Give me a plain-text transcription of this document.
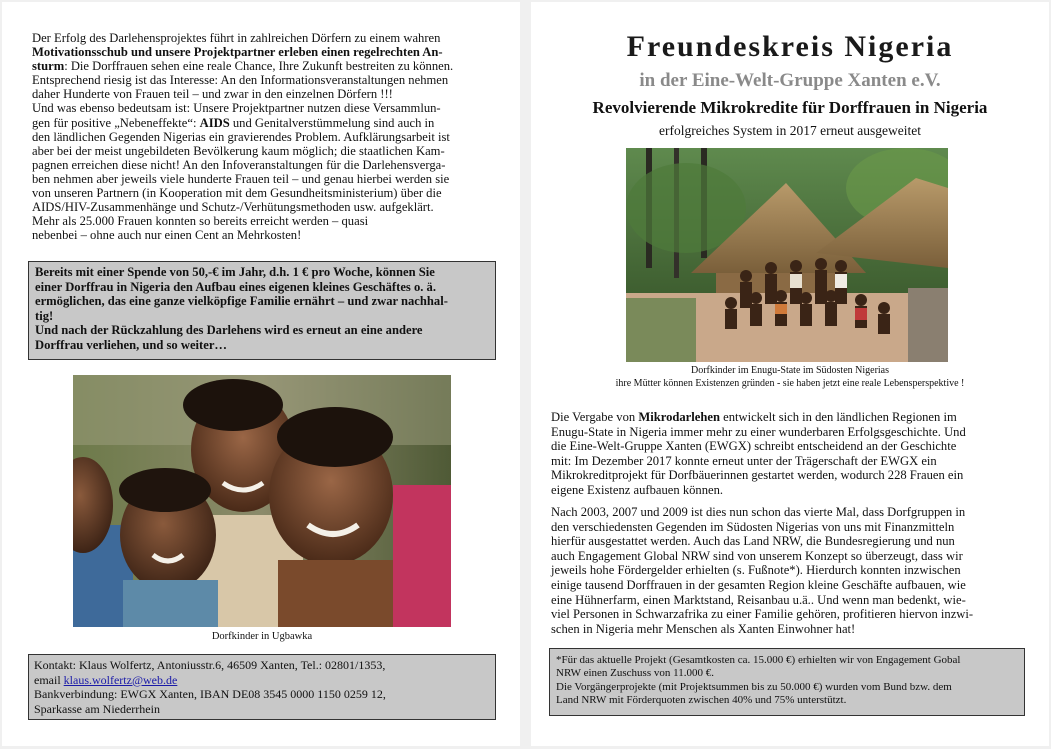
Der Erfolg des Darlehensprojektes führt in zahlreichen Dörfern zu einem wahren
Motivationsschub und unsere Projektpartner erleben einen regelrechten An-
sturm: Die Dorffrauen sehen eine reale Chance, Ihre Zukunft bestreiten zu können.
Entsprechend riesig ist das Interesse: An den Informationsveranstaltungen nehmen
daher Hunderte von Frauen teil – und zwar in den einzelnen Dörfern !!!
Und was ebenso bedeutsam ist: Unsere Projektpartner nutzen diese Versammlun-
gen für positive „Nebeneffekte“: AIDS und Genitalverstümmelung sind auch in
den ländlichen Gegenden Nigerias ein gravierendes Problem. Aufklärungsarbeit ist
aber bei der meist ungebildeten Bevölkerung kaum möglich; die staatlichen Kam-
pagnen erreichen diese nicht! An den Infoveranstaltungen für die Darlehensverga-
ben nehmen aber jeweils viele hunderte Frauen teil – und genau hierbei werden sie
von unseren Partnern (in Kooperation mit dem Gesundheitsministerium) über die
AIDS/HIV-Zusammenhänge und Schutz-/Verhütungsmethoden usw. aufgeklärt.
Mehr als 25.000 Frauen konnten so bereits erreicht werden – quasi
nebenbei – ohne auch nur einen Cent an Mehrkosten!
Bereits mit einer Spende von 50,-€ im Jahr, d.h. 1 € pro Woche, können Sie
einer Dorffrau in Nigeria den Aufbau eines eigenen kleines Geschäftes o. ä.
ermöglichen, das eine ganze vielköpfige Familie ernährt – und zwar nachhal-
tig!
Und nach der Rückzahlung des Darlehens wird es erneut an eine andere
Dorffrau verliehen, und so weiter…
Dorfkinder in Ugbawka
Kontakt: Klaus Wolfertz, Antoniusstr.6, 46509 Xanten, Tel.: 02801/1353,
email klaus.wolfertz@web.de
Bankverbindung: EWGX Xanten, IBAN DE08 3545 0000 1150 0259 12,
Sparkasse am Niederrhein
Freundeskreis Nigeria
in der Eine-Welt-Gruppe Xanten e.V.
Revolvierende Mikrokredite für Dorffrauen in Nigeria
erfolgreiches System in 2017 erneut ausgeweitet
Dorfkinder im Enugu-State im Südosten Nigerias
ihre Mütter können Existenzen gründen - sie haben jetzt eine reale Lebensperspektive !
Die Vergabe von Mikrodarlehen entwickelt sich in den ländlichen Regionen im
Enugu-State in Nigeria immer mehr zu einer wunderbaren Erfolgsgeschichte. Und
die Eine-Welt-Gruppe Xanten (EWGX) schreibt entscheidend an der Geschichte
mit: Im Dezember 2017 konnte erneut unter der Trägerschaft der EWGX ein
Mikrokreditprojekt für Dorfbäuerinnen gestartet werden, wodurch 228 Frauen ein
eigene Existenz aufbauen können.
Nach 2003, 2007 und 2009 ist dies nun schon das vierte Mal, dass Dorfgruppen in
den verschiedensten Gegenden im Südosten Nigerias von uns mit Finanzmitteln
hierfür ausgestattet werden. Auch das Land NRW, die Bundesregierung und nun
auch Engagement Global NRW sind von unserem Konzept so überzeugt, dass wir
jeweils hohe Fördergelder erhielten (s. Fußnote*). Hierdurch konnten inzwischen
einige tausend Dorffrauen in der gesamten Region kleine Geschäfte aufbauen, wie
eine Hühnerfarm, einen Marktstand, Reisanbau u.ä.. Und wenn man bedenkt, wie-
viel Personen in Schwarzafrika zu einer Familie gehören, profitieren hiervon inzwi-
schen in Nigeria mehr Menschen als Xanten Einwohner hat!
*Für das aktuelle Projekt (Gesamtkosten ca. 15.000 €) erhielten wir von Engagement Gobal
NRW einen Zuschuss von 11.000 €.
Die Vorgängerprojekte (mit Projektsummen bis zu 50.000 €) wurden vom Bund bzw. dem
Land NRW mit Förderquoten zwischen 40% und 75% unterstützt.
